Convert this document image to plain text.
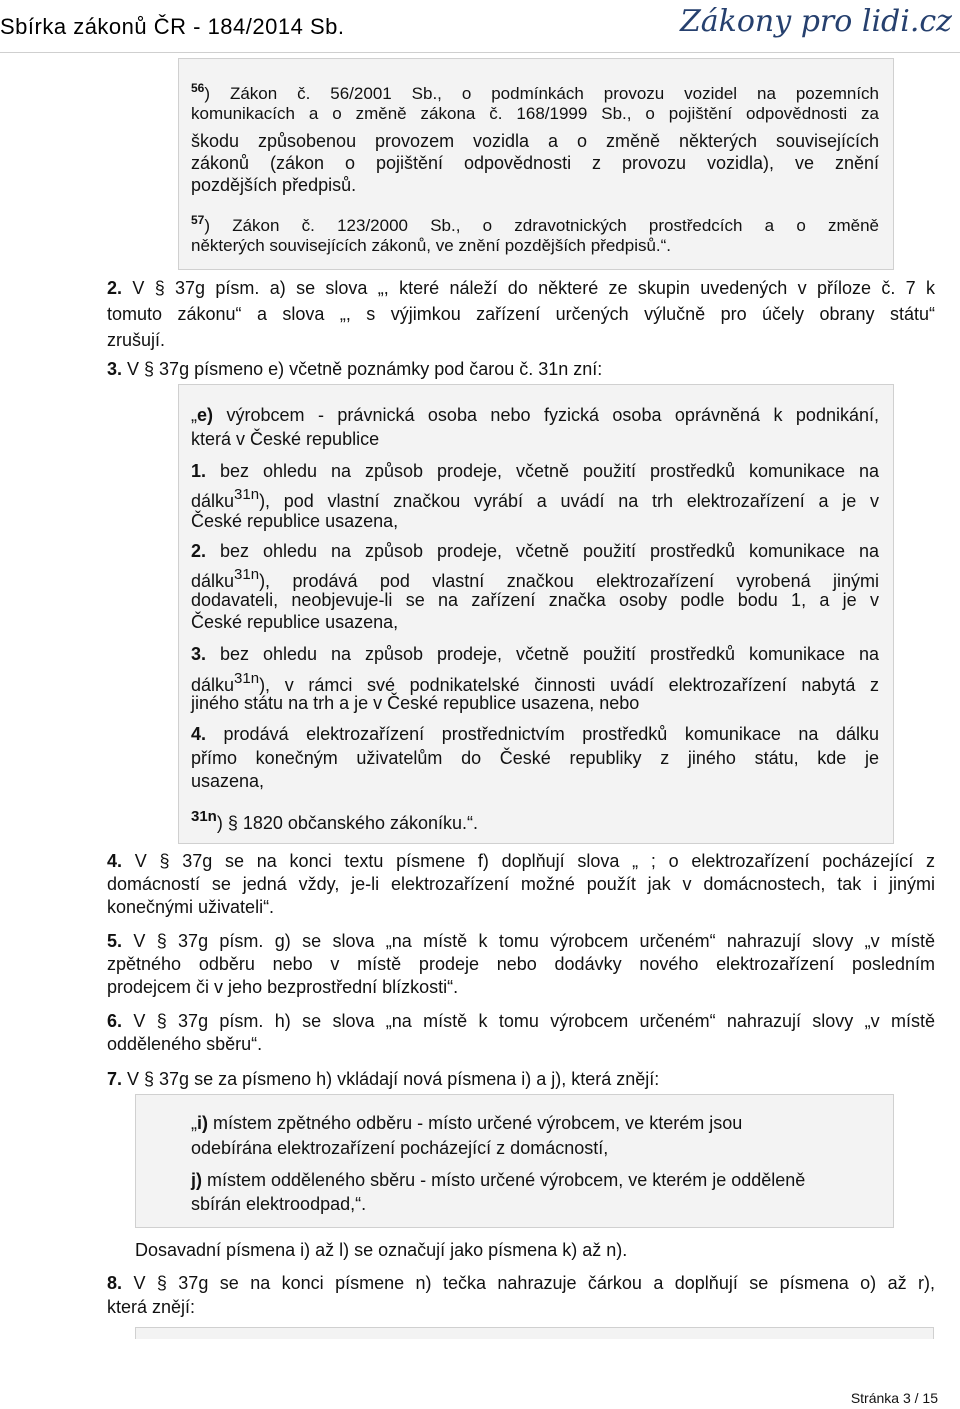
Sbírka zákonů ČR - 184/2014 Sb.	Zákony pro lidi.cz
$^{56}$) Zákon č. 56/2001 Sb., o podmínkách provozu vozidel na pozemních
komunikacích a o změně zákona č. 168/1999 Sb., o pojištění odpovědnosti za
škodu způsobenou provozem vozidla a o změně některých souvisejících
zákonů (zákon o pojištění odpovědnosti z provozu vozidla), ve znění
pozdějších předpisů.
$^{57}$) Zákon č. 123/2000 Sb., o zdravotnických prostředcích a o změně
některých souvisejících zákonů, ve znění pozdějších předpisů.“.
2. V § 37g písm. a) se slova „, které náleží do některé ze skupin uvedených v příloze č. 7 k
tomuto zákonu“ a slova „, s výjimkou zařízení určených výlučně pro účely obrany státu“
zrušují.
3. V § 37g písmeno e) včetně poznámky pod čarou č. 31n zní:
„e) výrobcem - právnická osoba nebo fyzická osoba oprávněná k podnikání,
která v České republice
1. bez ohledu na způsob prodeje, včetně použití prostředků komunikace na
dálku$^{31n}$), pod vlastní značkou vyrábí a uvádí na trh elektrozařízení a je v
České republice usazena,
2. bez ohledu na způsob prodeje, včetně použití prostředků komunikace na
dálku$^{31n}$), prodává pod vlastní značkou elektrozařízení vyrobená jinými
dodavateli, neobjevuje-li se na zařízení značka osoby podle bodu 1, a je v
České republice usazena,
3. bez ohledu na způsob prodeje, včetně použití prostředků komunikace na
dálku$^{31n}$), v rámci své podnikatelské činnosti uvádí elektrozařízení nabytá z
jiného státu na trh a je v České republice usazena, nebo
4. prodává elektrozařízení prostřednictvím prostředků komunikace na dálku
přímo konečným uživatelům do České republiky z jiného státu, kde je
usazena,
$^{31n}$) § 1820 občanského zákoníku.“.
4. V § 37g se na konci textu písmene f) doplňují slova „ ; o elektrozařízení pocházející z
domácností se jedná vždy, je-li elektrozařízení možné použít jak v domácnostech, tak i jinými
konečnými uživateli“.
5. V § 37g písm. g) se slova „na místě k tomu výrobcem určeném“ nahrazují slovy „v místě
zpětného odběru nebo v místě prodeje nebo dodávky nového elektrozařízení posledním
prodejcem či v jeho bezprostřední blízkosti“.
6. V § 37g písm. h) se slova „na místě k tomu výrobcem určeném“ nahrazují slovy „v místě
odděleného sběru“.
7. V § 37g se za písmeno h) vkládají nová písmena i) a j), která znějí:
„i) místem zpětného odběru - místo určené výrobcem, ve kterém jsou
odebírána elektrozařízení pocházející z domácností,
j) místem odděleného sběru - místo určené výrobcem, ve kterém je odděleně
sbírán elektroodpad,“.
Dosavadní písmena i) až l) se označují jako písmena k) až n).
8. V § 37g se na konci písmene n) tečka nahrazuje čárkou a doplňují se písmena o) až r),
která znějí:
Stránka 3 / 15
